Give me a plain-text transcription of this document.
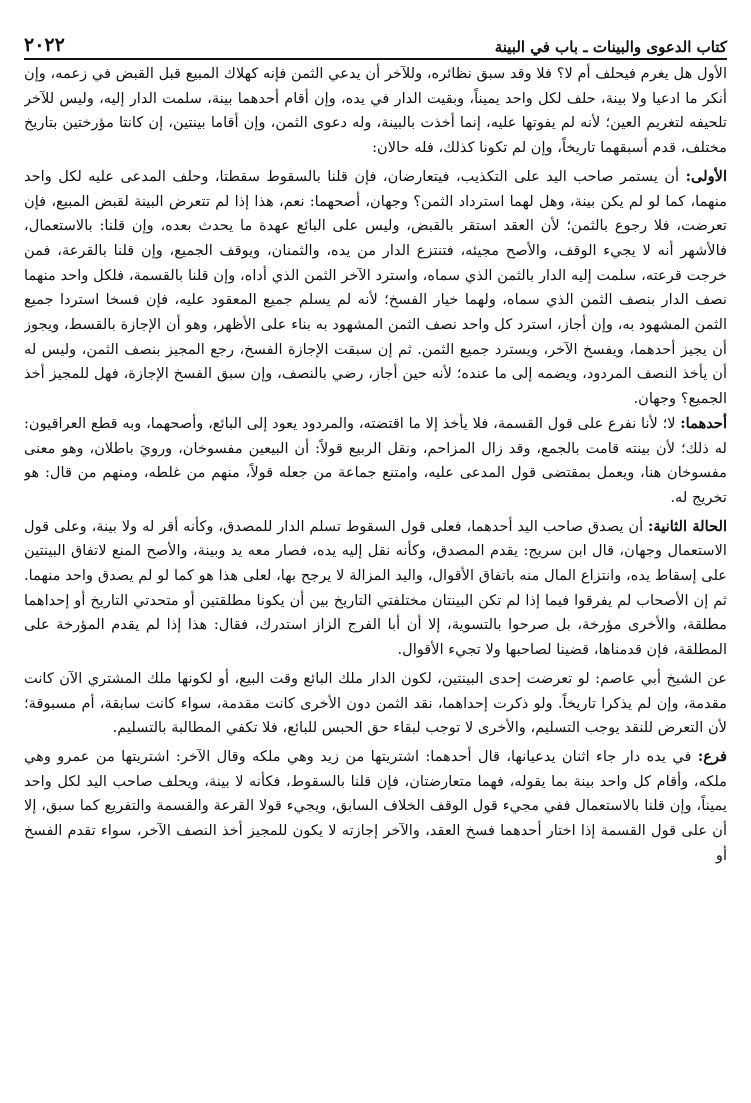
كتاب الدعوى والبينات ـ باب في البينة
٢٠٢٢

الأول هل يغرم فيحلف أم لا؟ فلا وقد سبق نظائره، وللآخر أن يدعي الثمن فإنه كهلاك المبيع قبل القبض في زعمه، وإن أنكر ما ادعيا ولا بينة، حلف لكل واحد يميناً، وبقيت الدار في يده، وإن أقام أحدهما بينة، سلمت الدار إليه، وليس للآخر تلحيفه لتغريم العين؛ لأنه لم يفوتها عليه، إنما أخذت بالبينة، وله دعوى الثمن، وإن أقاما بينتين، إن كانتا مؤرختين بتاريخ مختلف، قدم أسبقهما تاريخاً، وإن لم تكونا كذلك، فله حالان:

الأولى: أن يستمر صاحب اليد على التكذيب، فيتعارضان، فإن قلنا بالسقوط سقطتا، وحلف المدعى عليه لكل واحد منهما، كما لو لم يكن بينة، وهل لهما استرداد الثمن؟ وجهان، أصحهما: نعم، هذا إذا لم تتعرض البينة لقبض المبيع، فإن تعرضت، فلا رجوع بالثمن؛ لأن العقد استقر بالقبض، وليس على البائع عهدة ما يحدث بعده، وإن قلنا: بالاستعمال، فالأشهر أنه لا يجيء الوقف، والأصح مجيئه، فتنتزع الدار من يده، والثمنان، ويوقف الجميع، وإن قلنا بالقرعة، فمن خرجت قرعته، سلمت إليه الدار بالثمن الذي سماه، واسترد الآخر الثمن الذي أداه، وإن قلنا بالقسمة، فلكل واحد منهما نصف الدار بنصف الثمن الذي سماه، ولهما خيار الفسخ؛ لأنه لم يسلم جميع المعقود عليه، فإن فسخا استردا جميع الثمن المشهود به، وإن أجاز، استرد كل واحد نصف الثمن المشهود به بناء على الأظهر، وهو أن الإجازة بالقسط، ويجوز أن يجيز أحدهما، ويفسخ الآخر، ويسترد جميع الثمن. ثم إن سبقت الإجازة الفسخ، رجع المجيز بنصف الثمن، وليس له أن يأخذ النصف المردود، ويضمه إلى ما عنده؛ لأنه حين أجاز، رضي بالنصف، وإن سبق الفسخ الإجازة، فهل للمجيز أخذ الجميع؟ وجهان.

أحدهما: لا؛ لأنا نفرع على قول القسمة، فلا يأخذ إلا ما اقتضته، والمردود يعود إلى البائع، وأصحهما، وبه قطع العراقيون: له ذلك؛ لأن بينته قامت بالجمع، وقد زال المزاحم، ونقل الربيع قولاً: أن البيعين مفسوخان، ورويَ باطلان، وهو معنى مفسوخان هنا، ويعمل بمقتضى قول المدعى عليه، وامتنع جماعة من جعله قولاً، منهم من غلطه، ومنهم من قال: هو تخريج له.

الحالة الثانية: أن يصدق صاحب اليد أحدهما، فعلى قول السقوط تسلم الدار للمصدق، وكأنه أقر له ولا بينة، وعلى قول الاستعمال وجهان، قال ابن سريج: يقدم المصدق، وكأنه نقل إليه يده، فصار معه يد وبينة، والأصح المنع لاتفاق البينتين على إسقاط يده، وانتزاع المال منه باتفاق الأقوال، واليد المزالة لا يرجح بها، لعلى هذا هو كما لو لم يصدق واحد منهما. ثم إن الأصحاب لم يفرقوا فيما إذا لم تكن البينتان مختلفتي التاريخ بين أن يكونا مطلقتين أو متحدتي التاريخ أو إحداهما مطلقة، والأخرى مؤرخة، بل صرحوا بالتسوية، إلا أن أبا الفرج الزاز استدرك، فقال: هذا إذا لم يقدم المؤرخة على المطلقة، فإن قدمناها، قضينا لصاحبها ولا تجيء الأقوال.

عن الشيخ أبي عاصم: لو تعرضت إحدى البينتين، لكون الدار ملك البائع وقت البيع، أو لكونها ملك المشتري الآن كانت مقدمة، وإن لم يذكرا تاريخاً. ولو ذكرت إحداهما، نقد الثمن دون الأخرى كانت مقدمة، سواء كانت سابقة، أم مسبوقة؛ لأن التعرض للنقد يوجب التسليم، والأخرى لا توجب لبقاء حق الحبس للبائع، فلا تكفي المطالبة بالتسليم.

فرع: في يده دار جاء اثنان يدعيانها، قال أحدهما: اشتريتها من زيد وهي ملكه وقال الآخر: اشتريتها من عمرو وهي ملكه، وأقام كل واحد بينة بما يقوله، فهما متعارضتان، فإن قلنا بالسقوط، فكأنه لا بينة، ويحلف صاحب اليد لكل واحد يميناً، وإن قلنا بالاستعمال ففي مجيء قول الوقف الخلاف السابق، ويجيء قولا القرعة والقسمة والتفريع كما سبق، إلا أن على قول القسمة إذا اختار أحدهما فسخ العقد، والآخر إجازته لا يكون للمجيز أخذ النصف الآخر، سواء تقدم الفسخ أو
